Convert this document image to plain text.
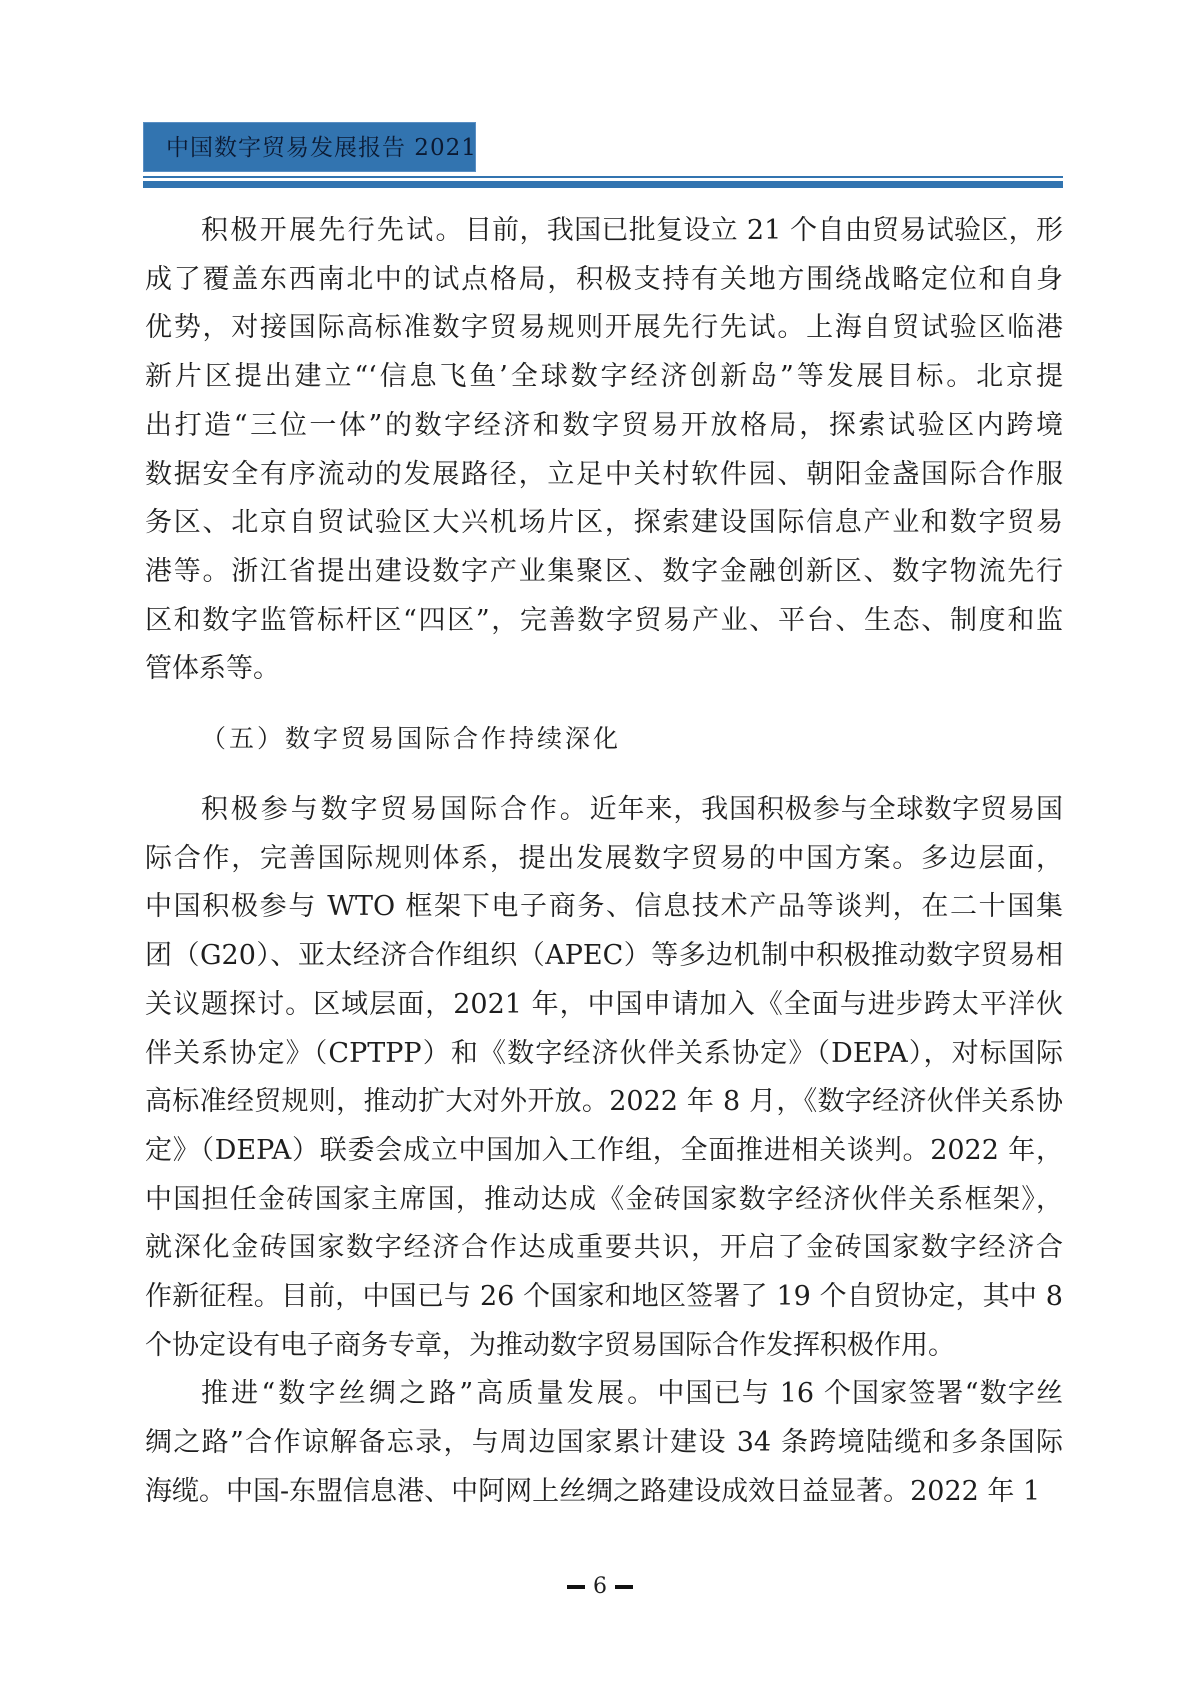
中国数字贸易发展报告 2021
积极开展先行先试。目前，我国已批复设立 21 个自由贸易试验区，形
成了覆盖东西南北中的试点格局，积极支持有关地方围绕战略定位和自身
优势，对接国际高标准数字贸易规则开展先行先试。上海自贸试验区临港
新片区提出建立“‘信息飞鱼’全球数字经济创新岛”等发展目标。北京提
出打造“三位一体”的数字经济和数字贸易开放格局，探索试验区内跨境
数据安全有序流动的发展路径，立足中关村软件园、朝阳金盏国际合作服
务区、北京自贸试验区大兴机场片区，探索建设国际信息产业和数字贸易
港等。浙江省提出建设数字产业集聚区、数字金融创新区、数字物流先行
区和数字监管标杆区“四区”，完善数字贸易产业、平台、生态、制度和监
管体系等。
积极参与数字贸易国际合作。近年来，我国积极参与全球数字贸易国
际合作，完善国际规则体系，提出发展数字贸易的中国方案。多边层面，
中国积极参与 WTO 框架下电子商务、信息技术产品等谈判，在二十国集
团（G20）、亚太经济合作组织（APEC）等多边机制中积极推动数字贸易相
关议题探讨。区域层面，2021 年，中国申请加入《全面与进步跨太平洋伙
伴关系协定》（CPTPP）和《数字经济伙伴关系协定》（DEPA），对标国际
高标准经贸规则，推动扩大对外开放。2022 年 8 月，《数字经济伙伴关系协
定》（DEPA）联委会成立中国加入工作组，全面推进相关谈判。2022 年，
中国担任金砖国家主席国，推动达成《金砖国家数字经济伙伴关系框架》，
就深化金砖国家数字经济合作达成重要共识，开启了金砖国家数字经济合
作新征程。目前，中国已与 26 个国家和地区签署了 19 个自贸协定，其中 8
个协定设有电子商务专章，为推动数字贸易国际合作发挥积极作用。
推进“数字丝绸之路”高质量发展。中国已与 16 个国家签署“数字丝
绸之路”合作谅解备忘录，与周边国家累计建设 34 条跨境陆缆和多条国际
海缆。中国-东盟信息港、中阿网上丝绸之路建设成效日益显著。2022 年 1
（五）数字贸易国际合作持续深化
6
